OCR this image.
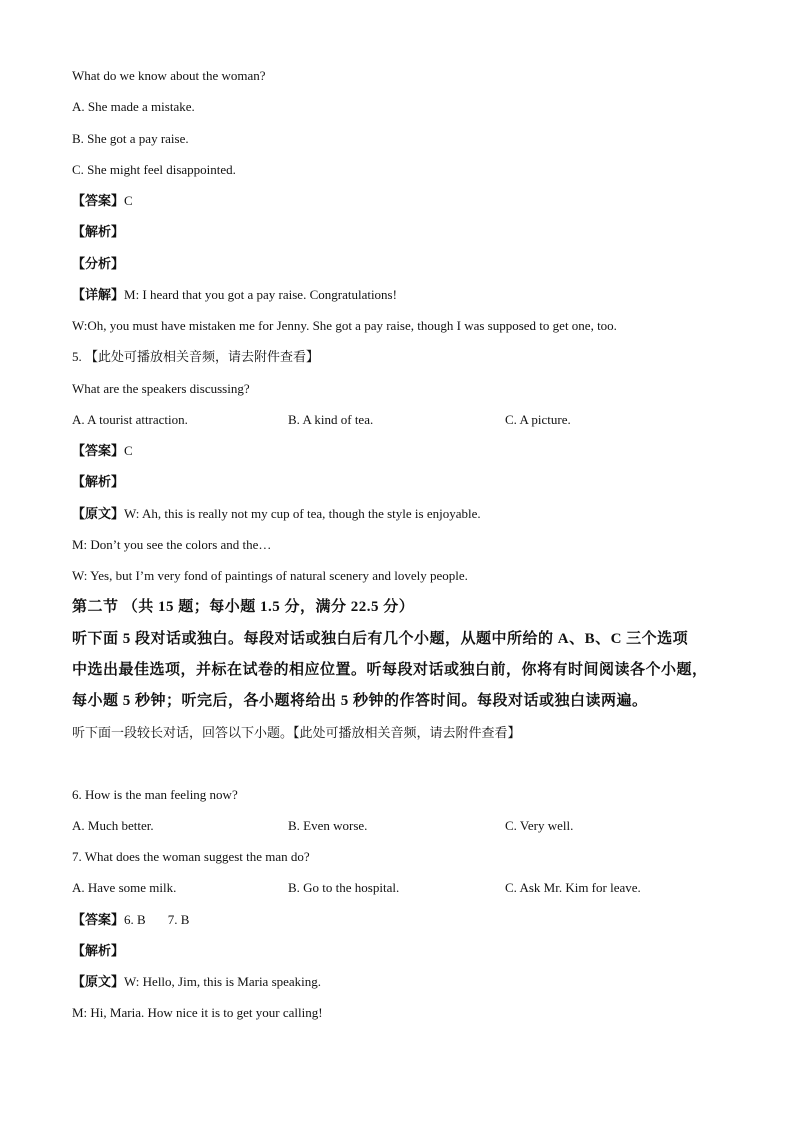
What do we know about the woman?
A. She made a mistake.
B. She got a pay raise.
C. She might feel disappointed.
【答案】C
【解析】
【分析】
【详解】M: I heard that you got a pay raise. Congratulations!
W:Oh, you must have mistaken me for Jenny. She got a pay raise, though I was supposed to get one, too.
5. 【此处可播放相关音频，请去附件查看】
What are the speakers discussing?
A. A tourist attraction.	B. A kind of tea.	C. A picture.
【答案】C
【解析】
【原文】W: Ah, this is really not my cup of tea, though the style is enjoyable.
M: Don’t you see the colors and the…
W: Yes, but I’m very fond of paintings of natural scenery and lovely people.
第二节 （共 15 题；每小题 1.5 分，满分 22.5 分）
听下面 5 段对话或独白。每段对话或独白后有几个小题，从题中所给的 A、B、C 三个选项
中选出最佳选项，并标在试卷的相应位置。听每段对话或独白前，你将有时间阅读各个小题，
每小题 5 秒钟；听完后，各小题将给出 5 秒钟的作答时间。每段对话或独白读两遍。
听下面一段较长对话，回答以下小题。【此处可播放相关音频，请去附件查看】
6. How is the man feeling now?
A. Much better.	B. Even worse.	C. Very well.
7. What does the woman suggest the man do?
A. Have some milk.	B. Go to the hospital.	C. Ask Mr. Kim for leave.
【答案】6. B 7. B
【解析】
【原文】W: Hello, Jim, this is Maria speaking.
M: Hi, Maria. How nice it is to get your calling!
